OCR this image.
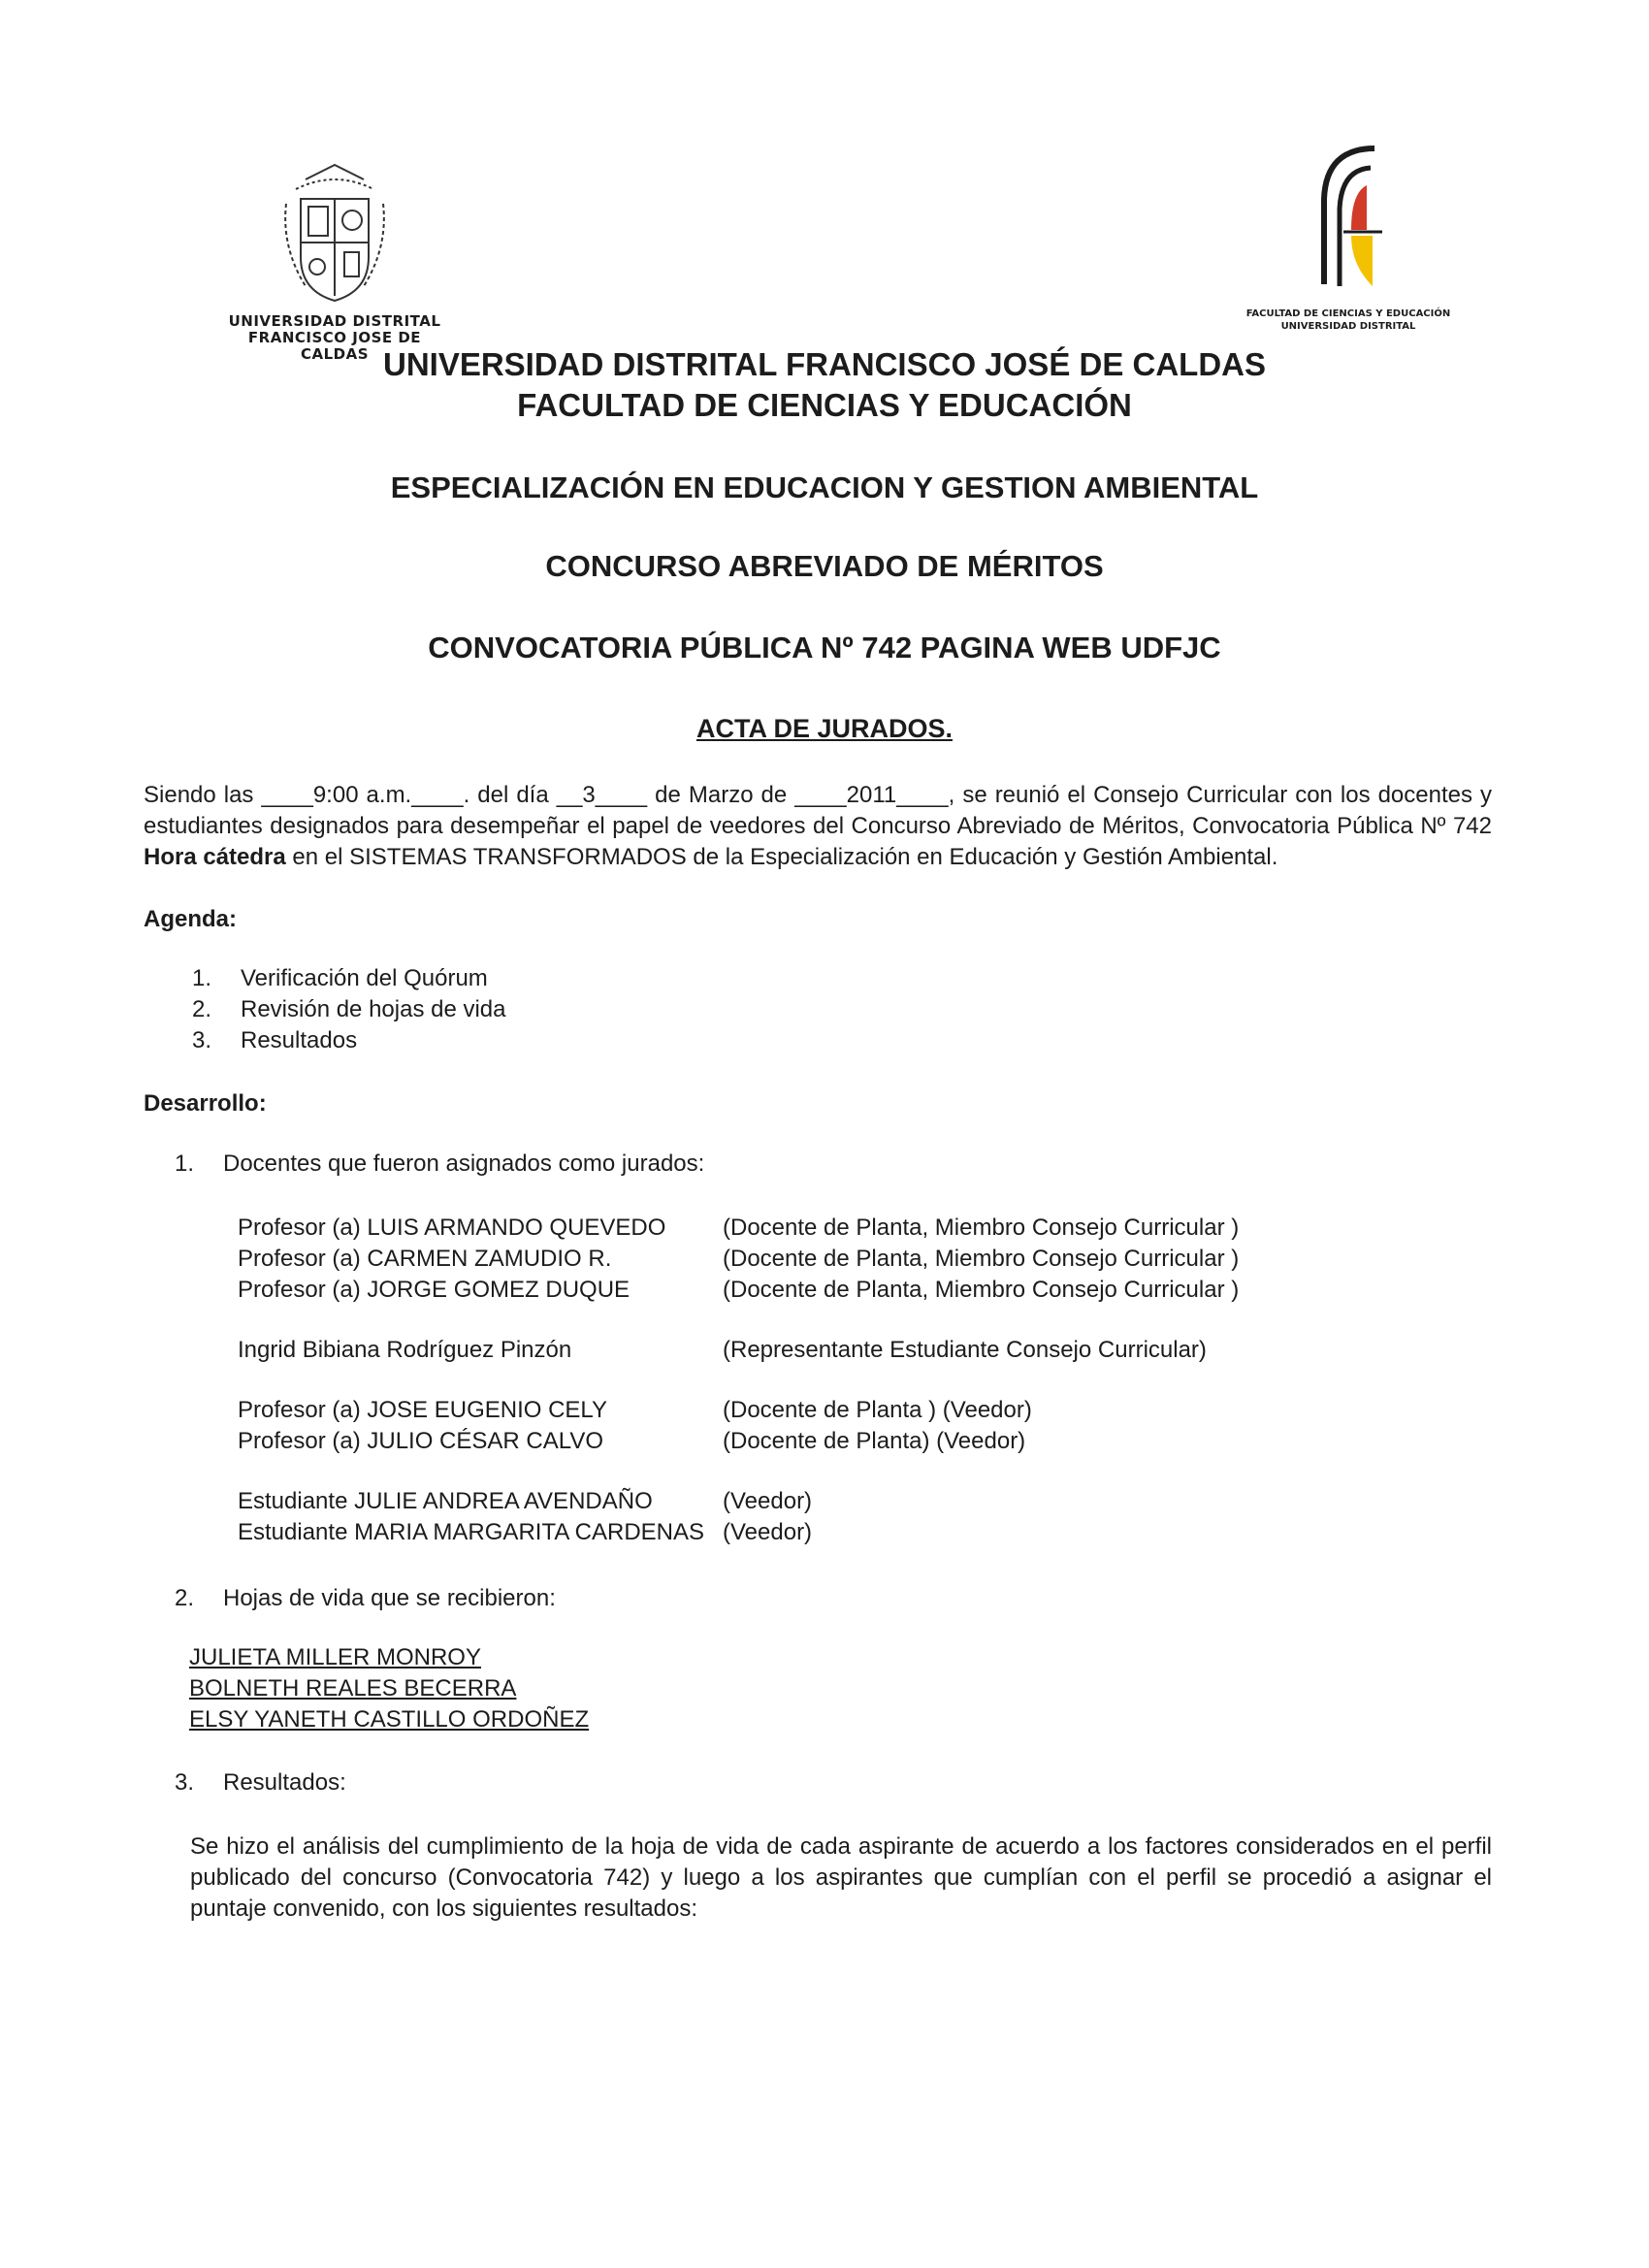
UNIVERSIDAD DISTRITAL
FRANCISCO JOSE DE CALDAS
FACULTAD DE CIENCIAS Y EDUCACIÓN
UNIVERSIDAD DISTRITAL
UNIVERSIDAD DISTRITAL FRANCISCO JOSÉ DE CALDAS
FACULTAD DE CIENCIAS Y EDUCACIÓN
ESPECIALIZACIÓN EN EDUCACION Y GESTION AMBIENTAL
CONCURSO ABREVIADO DE MÉRITOS
CONVOCATORIA PÚBLICA Nº 742 PAGINA WEB UDFJC
ACTA DE JURADOS.
Siendo las ____9:00 a.m.____. del día __3____ de Marzo de ____2011____, se reunió el Consejo Curricular con los docentes y estudiantes designados para desempeñar el papel de veedores del Concurso Abreviado de Méritos, Convocatoria Pública Nº 742 Hora cátedra en el SISTEMAS TRANSFORMADOS de la Especialización en Educación y Gestión Ambiental.
Agenda:
1.	Verificación del Quórum
2.	Revisión de hojas de vida
3.	Resultados
Desarrollo:
1.	Docentes que fueron asignados como jurados:
Profesor (a) LUIS ARMANDO QUEVEDO	(Docente de Planta, Miembro Consejo Curricular )
Profesor (a) CARMEN ZAMUDIO R.	(Docente de Planta, Miembro Consejo Curricular )
Profesor (a) JORGE GOMEZ DUQUE	(Docente de Planta, Miembro Consejo Curricular )
Ingrid Bibiana Rodríguez Pinzón	(Representante Estudiante Consejo Curricular)
Profesor (a) JOSE EUGENIO CELY	(Docente de Planta ) (Veedor)
Profesor (a) JULIO CÉSAR CALVO	(Docente de Planta) (Veedor)
Estudiante JULIE ANDREA AVENDAÑO	(Veedor)
Estudiante MARIA MARGARITA CARDENAS (Veedor)
2.	Hojas de vida que se recibieron:
JULIETA MILLER MONROY
BOLNETH REALES BECERRA
ELSY YANETH CASTILLO ORDOÑEZ
3.	Resultados:
Se hizo el análisis del cumplimiento de la hoja de vida de cada aspirante de acuerdo a los factores considerados en el perfil publicado del concurso (Convocatoria 742) y luego a los aspirantes que cumplían con el perfil se procedió a asignar el puntaje convenido, con los siguientes resultados:
